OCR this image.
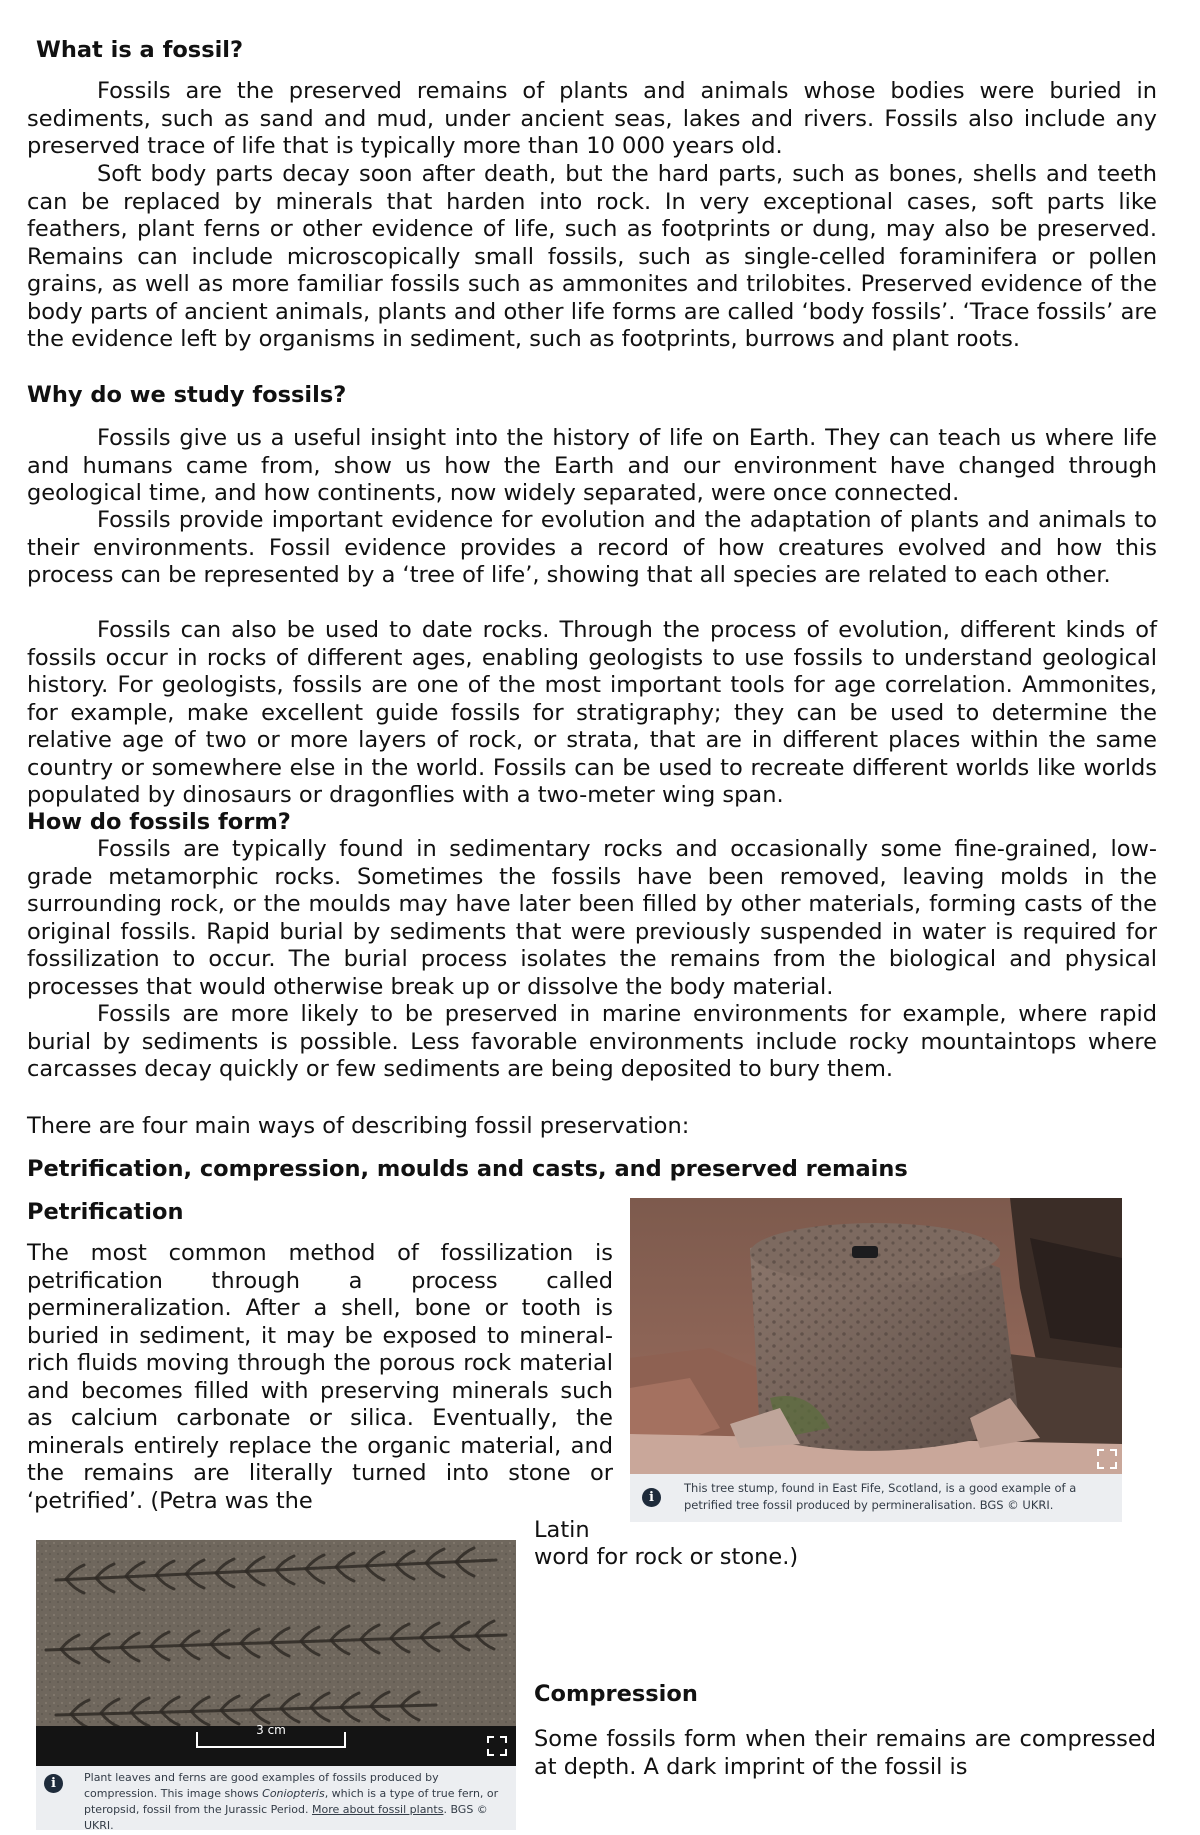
What is a fossil?

Fossils are the preserved remains of plants and animals whose bodies were buried in sediments, such as sand and mud, under ancient seas, lakes and rivers. Fossils also include any preserved trace of life that is typically more than 10 000 years old.

Soft body parts decay soon after death, but the hard parts, such as bones, shells and teeth can be replaced by minerals that harden into rock. In very exceptional cases, soft parts like feathers, plant ferns or other evidence of life, such as footprints or dung, may also be preserved. Remains can include microscopically small fossils, such as single-celled foraminifera or pollen grains, as well as more familiar fossils such as ammonites and trilobites. Preserved evidence of the body parts of ancient animals, plants and other life forms are called ‘body fossils’. ‘Trace fossils’ are the evidence left by organisms in sediment, such as footprints, burrows and plant roots.

Why do we study fossils?

Fossils give us a useful insight into the history of life on Earth. They can teach us where life and humans came from, show us how the Earth and our environment have changed through geological time, and how continents, now widely separated, were once connected.

Fossils provide important evidence for evolution and the adaptation of plants and animals to their environments. Fossil evidence provides a record of how creatures evolved and how this process can be represented by a ‘tree of life’, showing that all species are related to each other.

Fossils can also be used to date rocks. Through the process of evolution, different kinds of fossils occur in rocks of different ages, enabling geologists to use fossils to understand geological history. For geologists, fossils are one of the most important tools for age correlation. Ammonites, for example, make excellent guide fossils for stratigraphy; they can be used to determine the relative age of two or more layers of rock, or strata, that are in different places within the same country or somewhere else in the world. Fossils can be used to recreate different worlds like worlds populated by dinosaurs or dragonflies with a two-meter wing span.

How do fossils form?

Fossils are typically found in sedimentary rocks and occasionally some fine-grained, low-grade metamorphic rocks. Sometimes the fossils have been removed, leaving molds in the surrounding rock, or the moulds may have later been filled by other materials, forming casts of the original fossils. Rapid burial by sediments that were previously suspended in water is required for fossilization to occur. The burial process isolates the remains from the biological and physical processes that would otherwise break up or dissolve the body material.

Fossils are more likely to be preserved in marine environments for example, where rapid burial by sediments is possible. Less favorable environments include rocky mountaintops where carcasses decay quickly or few sediments are being deposited to bury them.

There are four main ways of describing fossil preservation:

Petrification, compression, moulds and casts, and preserved remains

Petrification

The most common method of fossilization is petrification through a process called permineralization. After a shell, bone or tooth is buried in sediment, it may be exposed to mineral-rich fluids moving through the porous rock material and becomes filled with preserving minerals such as calcium carbonate or silica. Eventually, the minerals entirely replace the organic material, and the remains are literally turned into stone or ‘petrified’. (Petra was the

Latin

word for rock or stone.)

i
This tree stump, found in East Fife, Scotland, is a good example of a petrified tree fossil produced by permineralisation. BGS © UKRI.
3 cm
i	Plant leaves and ferns are good examples of fossils produced by compression. This image shows Coniopteris, which is a type of true fern, or pteropsid, fossil from the Jurassic Period. More about fossil plants. BGS © UKRI.
Compression

Some fossils form when their remains are compressed at depth. A dark imprint of the fossil is
